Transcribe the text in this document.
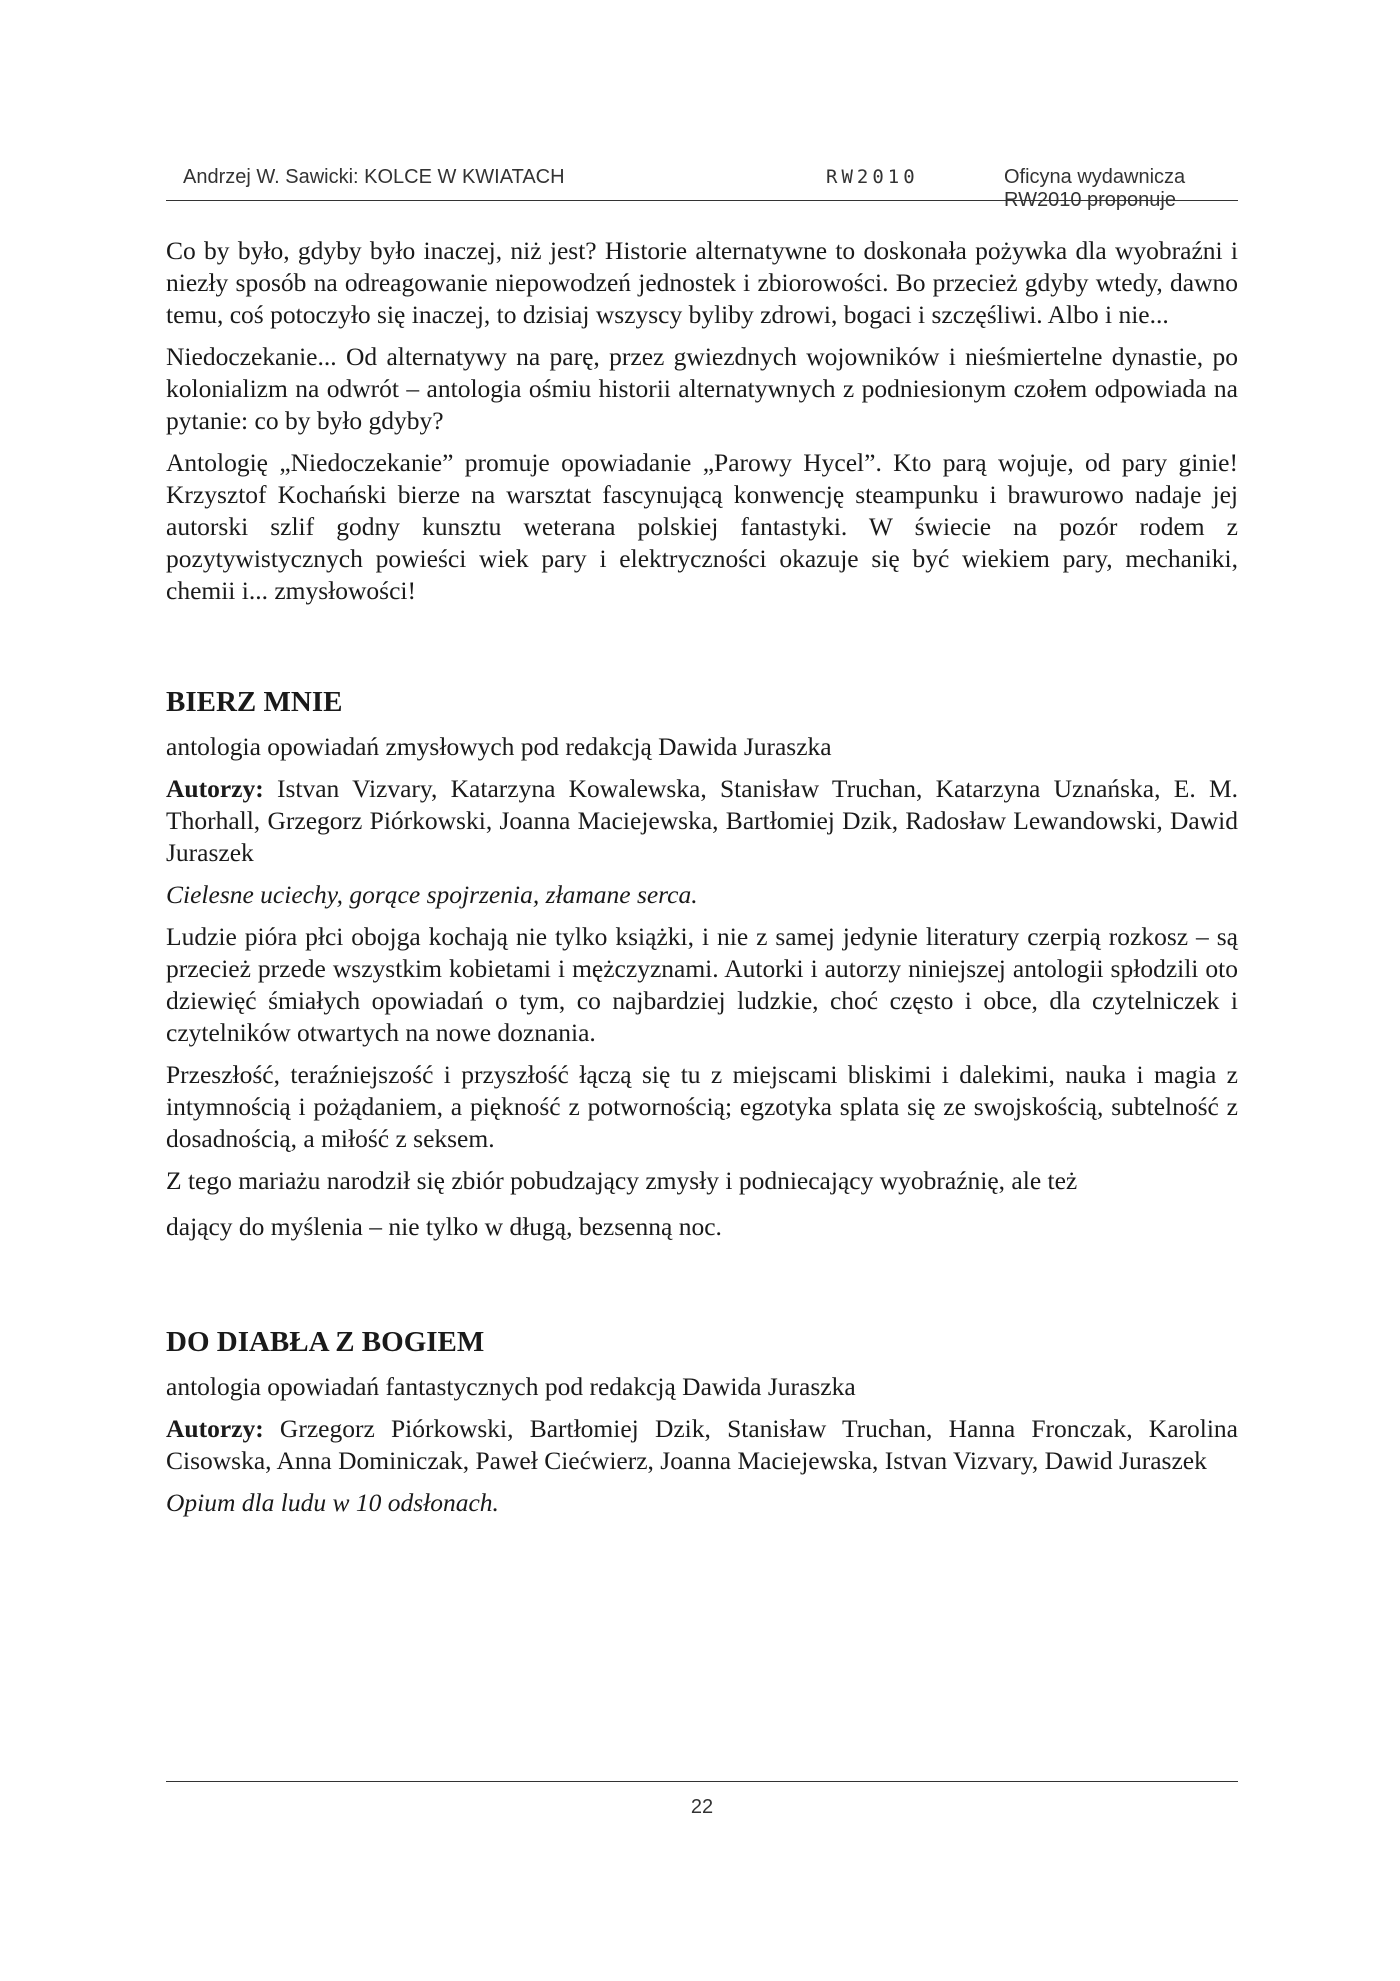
Andrzej W. Sawicki: KOLCE W KWIATACH	RW2010	Oficyna wydawnicza RW2010 proponuje

Co by było, gdyby było inaczej, niż jest? Historie alternatywne to doskonała pożywka dla wyobraźni i niezły sposób na odreagowanie niepowodzeń jednostek i zbiorowości. Bo przecież gdyby wtedy, dawno temu, coś potoczyło się inaczej, to dzisiaj wszyscy byliby zdrowi, bogaci i szczęśliwi. Albo i nie...

Niedoczekanie... Od alternatywy na parę, przez gwiezdnych wojowników i nieśmiertelne dynastie, po kolonializm na odwrót – antologia ośmiu historii alternatywnych z podniesionym czołem odpowiada na pytanie: co by było gdyby?

Antologię „Niedoczekanie” promuje opowiadanie „Parowy Hycel”. Kto parą wojuje, od pary ginie! Krzysztof Kochański bierze na warsztat fascynującą konwencję steampunku i brawurowo nadaje jej autorski szlif godny kunsztu weterana polskiej fantastyki. W świecie na pozór rodem z pozytywistycznych powieści wiek pary i elektryczności okazuje się być wiekiem pary, mechaniki, chemii i... zmysłowości!

BIERZ MNIE

antologia opowiadań zmysłowych pod redakcją Dawida Juraszka

Autorzy: Istvan Vizvary, Katarzyna Kowalewska, Stanisław Truchan, Katarzyna Uznańska, E. M. Thorhall, Grzegorz Piórkowski, Joanna Maciejewska, Bartłomiej Dzik, Radosław Lewandowski, Dawid Juraszek

Cielesne uciechy, gorące spojrzenia, złamane serca.

Ludzie pióra płci obojga kochają nie tylko książki, i nie z samej jedynie literatury czerpią rozkosz – są przecież przede wszystkim kobietami i mężczyznami. Autorki i autorzy niniejszej antologii spłodzili oto dziewięć śmiałych opowiadań o tym, co najbardziej ludzkie, choć często i obce, dla czytelniczek i czytelników otwartych na nowe doznania.

Przeszłość, teraźniejszość i przyszłość łączą się tu z miejscami bliskimi i dalekimi, nauka i magia z intymnością i pożądaniem, a piękność z potwornością; egzotyka splata się ze swojskością, subtelność z dosadnością, a miłość z seksem.

Z tego mariażu narodził się zbiór pobudzający zmysły i podniecający wyobraźnię, ale też
dający do myślenia – nie tylko w długą, bezsenną noc.

DO DIABŁA Z BOGIEM

antologia opowiadań fantastycznych pod redakcją Dawida Juraszka

Autorzy: Grzegorz Piórkowski, Bartłomiej Dzik, Stanisław Truchan, Hanna Fronczak, Karolina Cisowska, Anna Dominiczak, Paweł Ciećwierz, Joanna Maciejewska, Istvan Vizvary, Dawid Juraszek

Opium dla ludu w 10 odsłonach.

22
